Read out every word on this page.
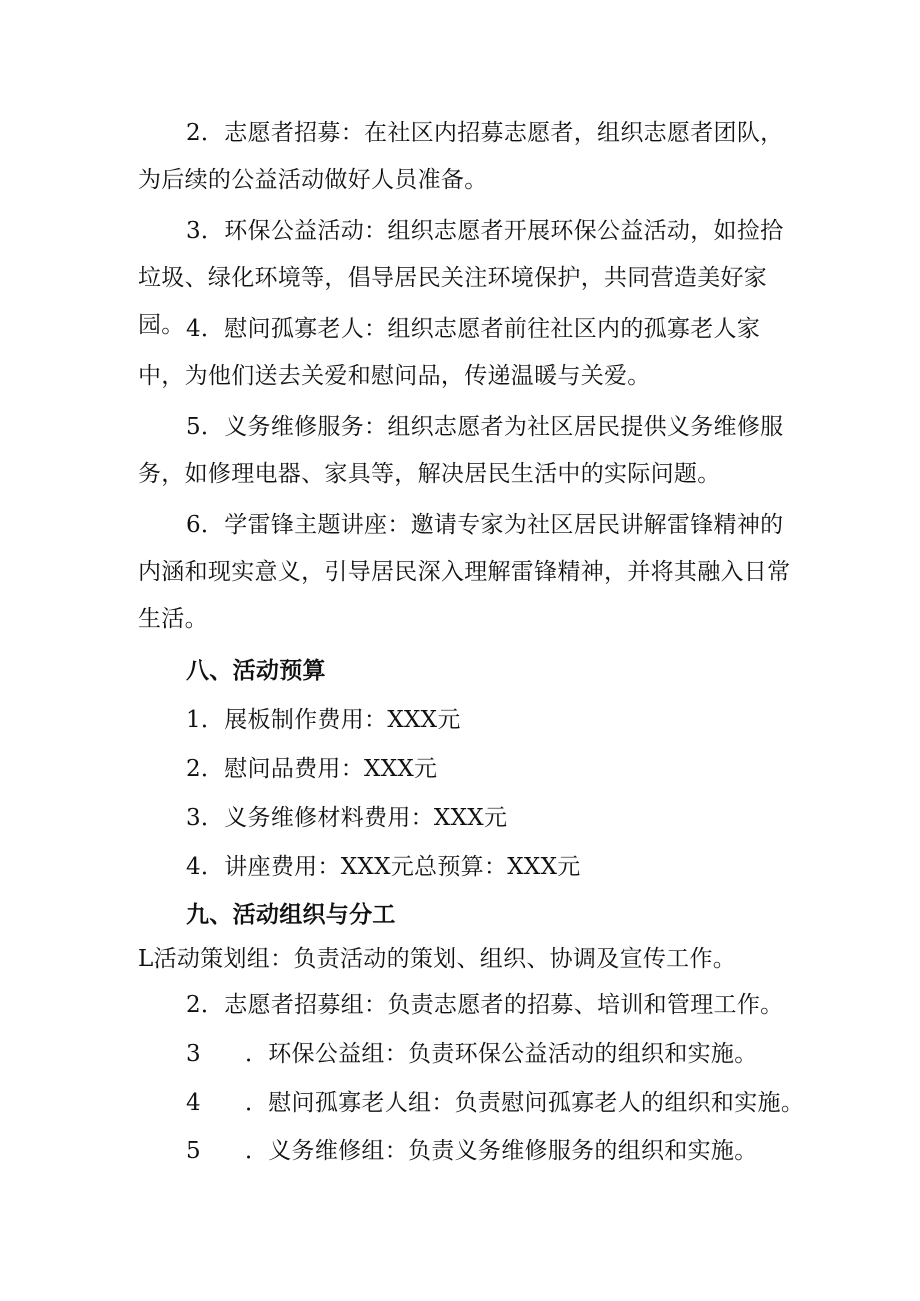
2．志愿者招募：在社区内招募志愿者，组织志愿者团队，为后续的公益活动做好人员准备。
3．环保公益活动：组织志愿者开展环保公益活动，如捡拾垃圾、绿化环境等，倡导居民关注环境保护，共同营造美好家园。 4．慰问孤寡老人：组织志愿者前往社区内的孤寡老人家中，为他们送去关爱和慰问品，传递温暖与关爱。
5．义务维修服务：组织志愿者为社区居民提供义务维修服务，如修理电器、家具等，解决居民生活中的实际问题。
6．学雷锋主题讲座：邀请专家为社区居民讲解雷锋精神的内涵和现实意义，引导居民深入理解雷锋精神，并将其融入日常生活。
八、活动预算
1．展板制作费用：XXX元
2．慰问品费用：XXX元
3．义务维修材料费用：XXX元
4．讲座费用：XXX元总预算：XXX元
九、活动组织与分工
L活动策划组：负责活动的策划、组织、协调及宣传工作。
2．志愿者招募组：负责志愿者的招募、培训和管理工作。
3 ．环保公益组：负责环保公益活动的组织和实施。
4 ．慰问孤寡老人组：负责慰问孤寡老人的组织和实施。
5 ．义务维修组：负责义务维修服务的组织和实施。
